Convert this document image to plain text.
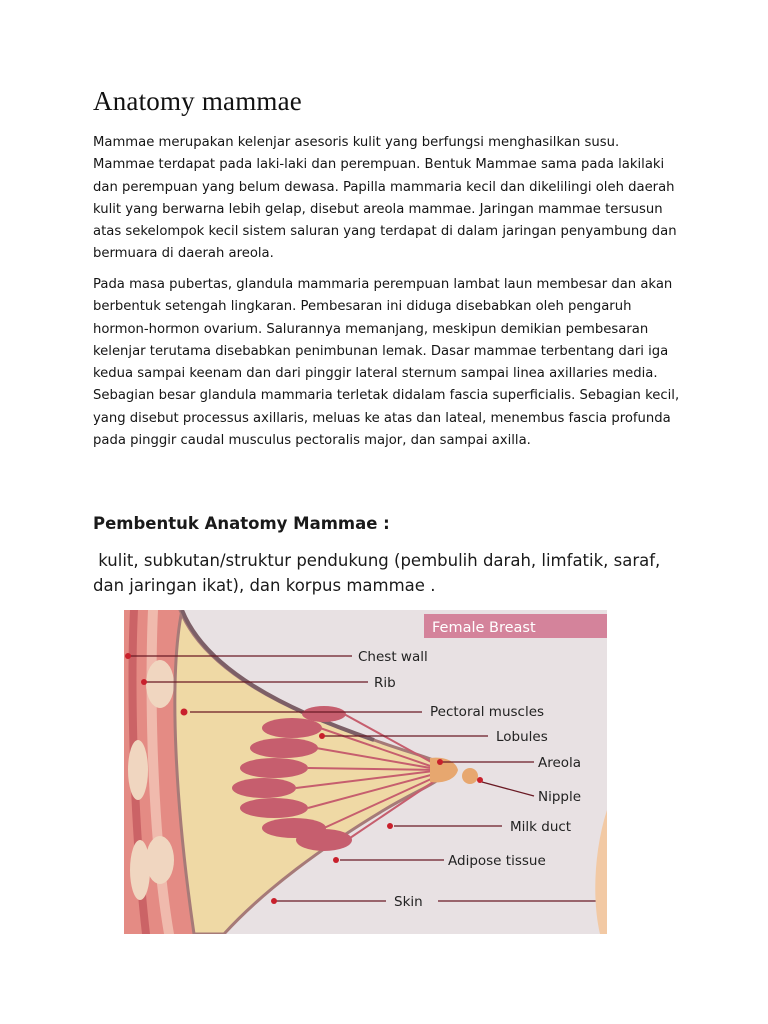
Anatomy mammae

Mammae merupakan kelenjar asesoris kulit yang berfungsi menghasilkan susu. Mammae terdapat pada laki-laki dan perempuan. Bentuk Mammae sama pada lakilaki dan perempuan yang belum dewasa. Papilla mammaria kecil dan dikelilingi oleh daerah kulit yang berwarna lebih gelap, disebut areola mammae. Jaringan mammae tersusun atas sekelompok kecil sistem saluran yang terdapat di dalam jaringan penyambung dan bermuara di daerah areola.

Pada masa pubertas, glandula mammaria perempuan lambat laun membesar dan akan berbentuk setengah lingkaran. Pembesaran ini diduga disebabkan oleh pengaruh hormon-hormon ovarium. Salurannya memanjang, meskipun demikian pembesaran kelenjar terutama disebabkan penimbunan lemak. Dasar mammae terbentang dari iga kedua sampai keenam dan dari pinggir lateral sternum sampai linea axillaries media. Sebagian besar glandula mammaria terletak didalam fascia superficialis. Sebagian kecil, yang disebut processus axillaris, meluas ke atas dan lateal, menembus fascia profunda pada pinggir caudal musculus pectoralis major, dan sampai axilla.

Pembentuk Anatomy Mammae :

kulit, subkutan/struktur pendukung (pembulih darah, limfatik, saraf, dan jaringan ikat), dan korpus mammae .

Female Breast
Chest wall
Rib
Pectoral muscles
Lobules
Areola
Nipple
Milk duct
Adipose tissue
Skin
